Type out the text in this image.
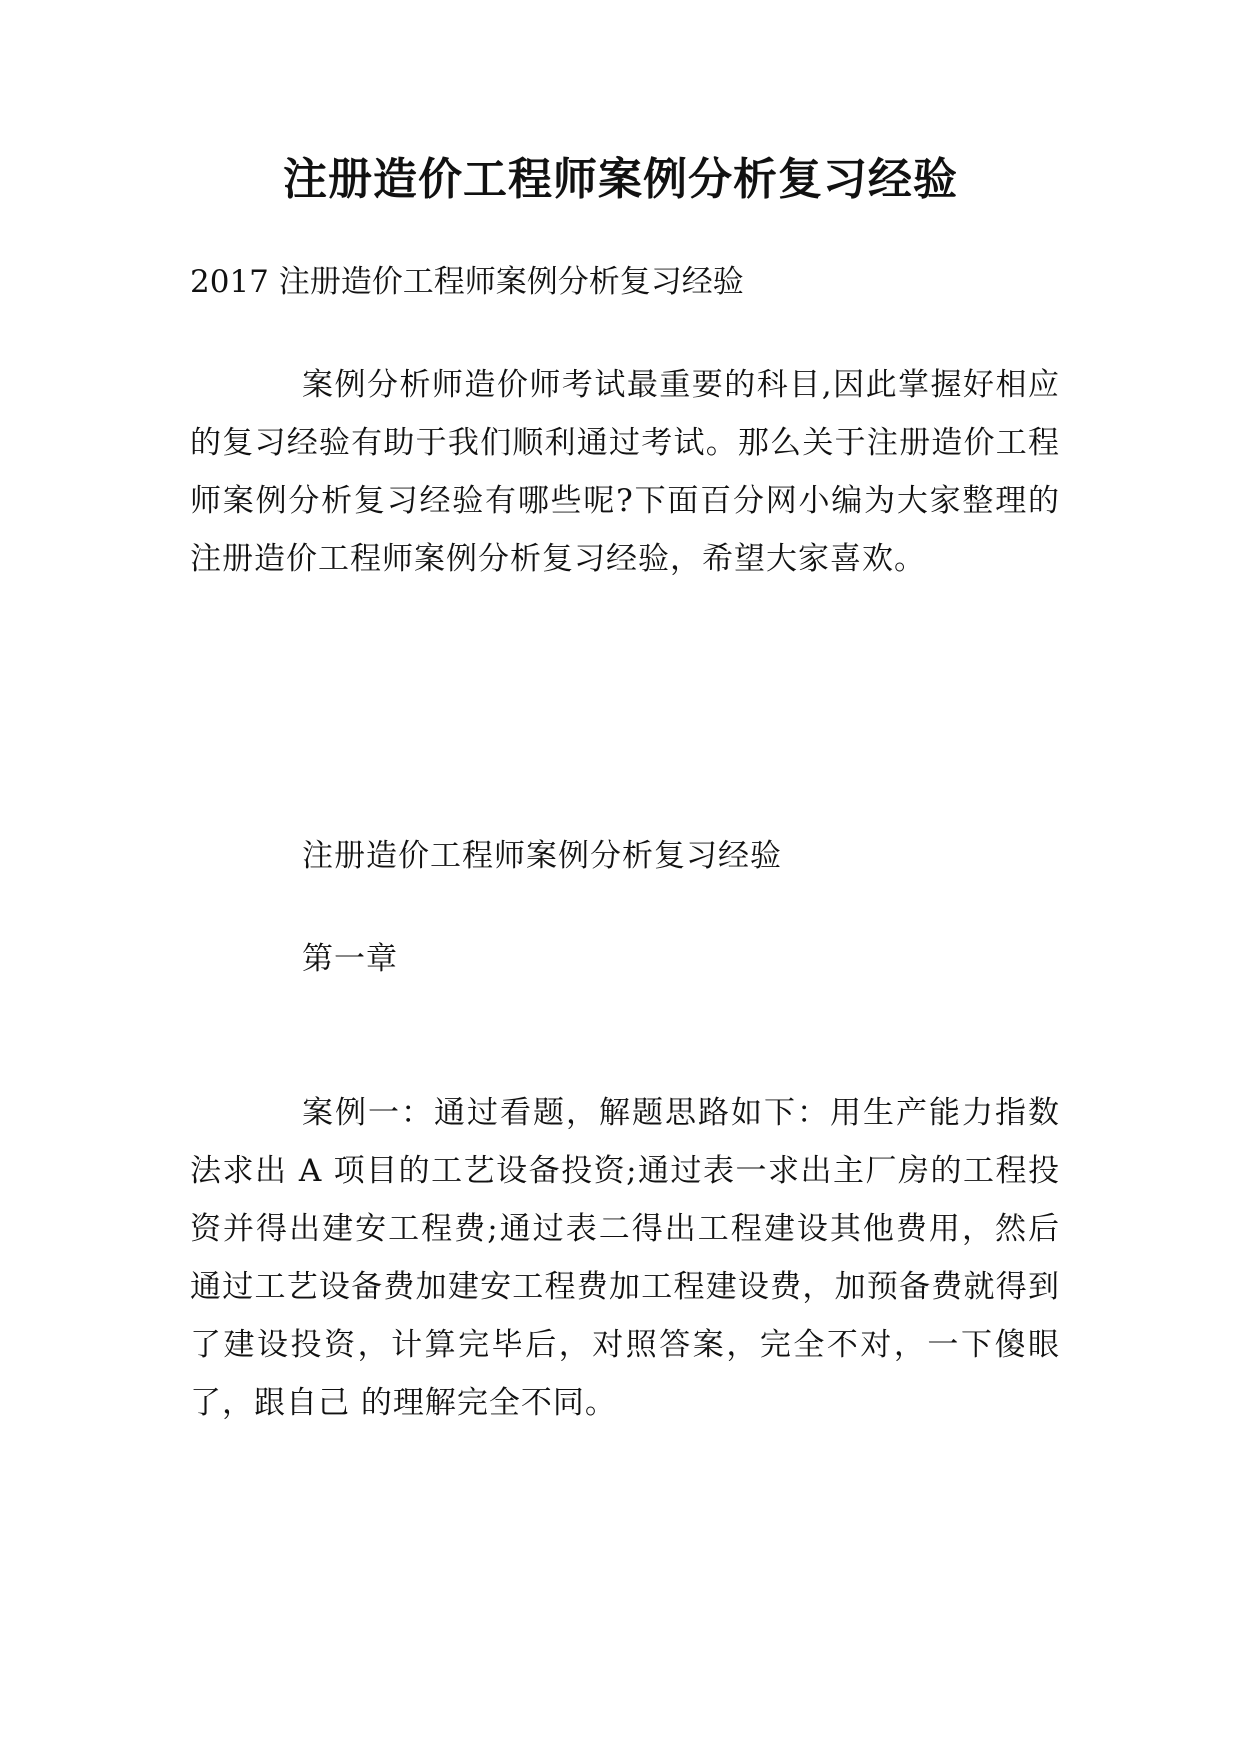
注册造价工程师案例分析复习经验

2017 注册造价工程师案例分析复习经验

案例分析师造价师考试最重要的科目,因此掌握好相应的复习经验有助于我们顺利通过考试。那么关于注册造价工程师案例分析复习经验有哪些呢?下面百分网小编为大家整理的注册造价工程师案例分析复习经验，希望大家喜欢。

注册造价工程师案例分析复习经验

第一章

案例一：通过看题，解题思路如下：用生产能力指数法求出 A 项目的工艺设备投资;通过表一求出主厂房的工程投资并得出建安工程费;通过表二得出工程建设其他费用，然后通过工艺设备费加建安工程费加工程建设费，加预备费就得到了建设投资，计算完毕后，对照答案，完全不对，一下傻眼了，跟自己 的理解完全不同。
